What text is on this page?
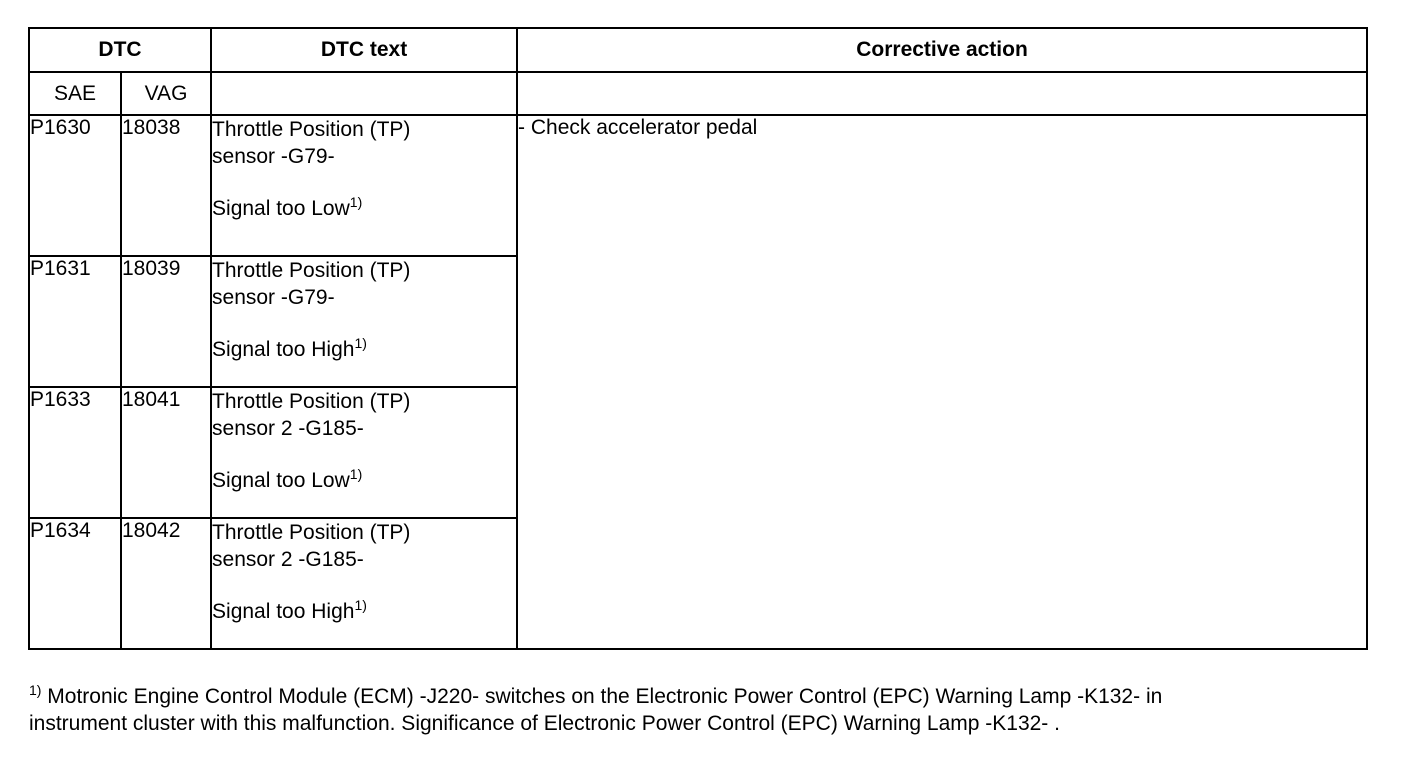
DTC		DTC text	Corrective action
SAE	VAG		
P1630	18038	Throttle Position (TP)
sensor -G79-
Signal too Low$^{1)}$	- Check accelerator pedal
P1631	18039	Throttle Position (TP)
sensor -G79-
Signal too High$^{1)}$

P1633	18041	Throttle Position (TP)
sensor 2 -G185-
Signal too Low$^{1)}$

P1634	18042	Throttle Position (TP)
sensor 2 -G185-
Signal too High$^{1)}$
$^{1)}$ Motronic Engine Control Module (ECM) -J220- switches on the Electronic Power Control (EPC) Warning Lamp -K132- in
instrument cluster with this malfunction. Significance of Electronic Power Control (EPC) Warning Lamp -K132- .
